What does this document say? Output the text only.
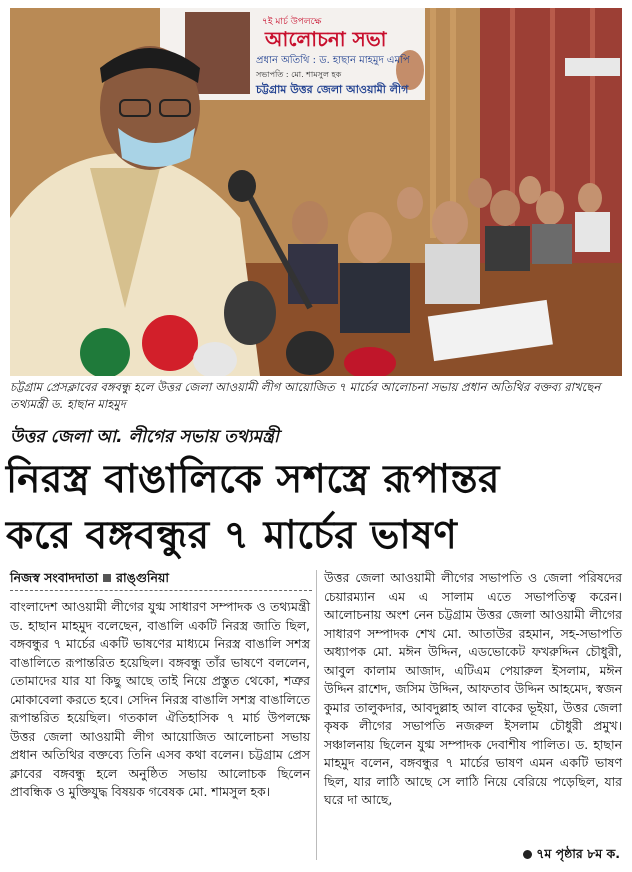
৭ই মার্চ উপলক্ষে
আলোচনা সভা
প্রধান অতিথি : ড. হাছান মাহমুদ এমপি
সভাপতি : মো. শামসুল হক
চট্টগ্রাম উত্তর জেলা আওয়ামী লীগ
চট্টগ্রাম প্রেসক্লাবের বঙ্গবন্ধু হলে উত্তর জেলা আওয়ামী লীগ আয়োজিত ৭ মার্চের আলোচনা সভায় প্রধান অতিথির বক্তব্য রাখছেন তথ্যমন্ত্রী ড. হাছান মাহমুদ
উত্তর জেলা আ. লীগের সভায় তথ্যমন্ত্রী
নিরস্ত্র বাঙালিকে সশস্ত্রে রূপান্তর
করে বঙ্গবন্ধুর ৭ মার্চের ভাষণ
নিজস্ব সংবাদদাতা রাঙ্গুনিয়া
বাংলাদেশ আওয়ামী লীগের যুগ্ম সাধারণ সম্পাদক ও তথ্যমন্ত্রী ড. হাছান মাহমুদ বলেছেন, বাঙালি একটি নিরস্ত্র জাতি ছিল, বঙ্গবন্ধুর ৭ মার্চের একটি ভাষণের মাধ্যমে নিরস্ত্র বাঙালি সশস্ত্র বাঙালিতে রূপান্তরিত হয়েছিল। বঙ্গবন্ধু তাঁর ভাষণে বললেন, তোমাদের যার যা কিছু আছে তাই নিয়ে প্রস্তুত থেকো, শত্রুর মোকাবেলা করতে হবে। সেদিন নিরস্ত্র বাঙালি সশস্ত্র বাঙালিতে রূপান্তরিত হয়েছিল। গতকাল ঐতিহাসিক ৭ মার্চ উপলক্ষে উত্তর জেলা আওয়ামী লীগ আয়োজিত আলোচনা সভায় প্রধান অতিথির বক্তব্যে তিনি এসব কথা বলেন। চট্টগ্রাম প্রেস ক্লাবের বঙ্গবন্ধু হলে অনুষ্ঠিত সভায় আলোচক ছিলেন প্রাবন্ধিক ও মুক্তিযুদ্ধ বিষয়ক গবেষক মো. শামসুল হক।
উত্তর জেলা আওয়ামী লীগের সভাপতি ও জেলা পরিষদের চেয়ারম্যান এম এ সালাম এতে সভাপতিত্ব করেন। আলোচনায় অংশ নেন চট্টগ্রাম উত্তর জেলা আওয়ামী লীগের সাধারণ সম্পাদক শেখ মো. আতাউর রহমান, সহ-সভাপতি অধ্যাপক মো. মঈন উদ্দিন, এডভোকেট ফখরুদ্দিন চৌধুরী, আবুল কালাম আজাদ, এটিএম পেয়ারুল ইসলাম, মঈন উদ্দিন রাশেদ, জসিম উদ্দিন, আফতাব উদ্দিন আহমেদ, স্বজন কুমার তালুকদার, আবদুল্লাহ আল বাকের ভূইয়া, উত্তর জেলা কৃষক লীগের সভাপতি নজরুল ইসলাম চৌধুরী প্রমুখ। সঞ্চালনায় ছিলেন যুগ্ম সম্পাদক দেবাশীষ পালিত। ড. হাছান মাহমুদ বলেন, বঙ্গবন্ধুর ৭ মার্চের ভাষণ এমন একটি ভাষণ ছিল, যার লাঠি আছে সে লাঠি নিয়ে বেরিয়ে পড়েছিল, যার ঘরে দা আছে,
৭ম পৃষ্ঠার ৮ম ক.
